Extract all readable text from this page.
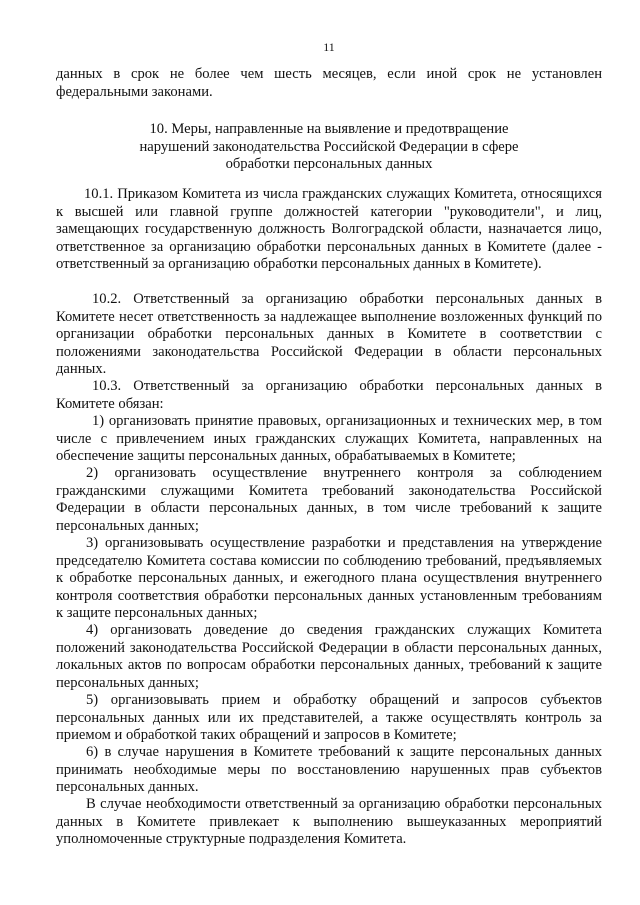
11
данных в срок не более чем шесть месяцев, если иной срок не установлен федеральными законами.
10. Меры, направленные на выявление и предотвращение нарушений законодательства Российской Федерации в сфере обработки персональных данных
10.1. Приказом Комитета из числа гражданских служащих Комитета, относящихся к высшей или главной группе должностей категории "руководители", и лиц, замещающих государственную должность Волгоградской области, назначается лицо, ответственное за организацию обработки персональных данных в Комитете (далее - ответственный за организацию обработки персональных данных в Комитете).
10.2. Ответственный за организацию обработки персональных данных в Комитете несет ответственность за надлежащее выполнение возложенных функций по организации обработки персональных данных в Комитете в соответствии с положениями законодательства Российской Федерации в области персональных данных.
10.3. Ответственный за организацию обработки персональных данных в Комитете обязан:
1) организовать принятие правовых, организационных и технических мер, в том числе с привлечением иных гражданских служащих Комитета, направленных на обеспечение защиты персональных данных, обрабатываемых в Комитете;
2) организовать осуществление внутреннего контроля за соблюдением гражданскими служащими Комитета требований законодательства Российской Федерации в области персональных данных, в том числе требований к защите персональных данных;
3) организовывать осуществление разработки и представления на утверждение председателю Комитета состава комиссии по соблюдению требований, предъявляемых к обработке персональных данных, и ежегодного плана осуществления внутреннего контроля соответствия обработки персональных данных установленным требованиям к защите персональных данных;
4) организовать доведение до сведения гражданских служащих Комитета положений законодательства Российской Федерации в области персональных данных, локальных актов по вопросам обработки персональных данных, требований к защите персональных данных;
5) организовывать прием и обработку обращений и запросов субъектов персональных данных или их представителей, а также осуществлять контроль за приемом и обработкой таких обращений и запросов в Комитете;
6) в случае нарушения в Комитете требований к защите персональных данных принимать необходимые меры по восстановлению нарушенных прав субъектов персональных данных.
В случае необходимости ответственный за организацию обработки персональных данных в Комитете привлекает к выполнению вышеуказанных мероприятий уполномоченные структурные подразделения Комитета.
